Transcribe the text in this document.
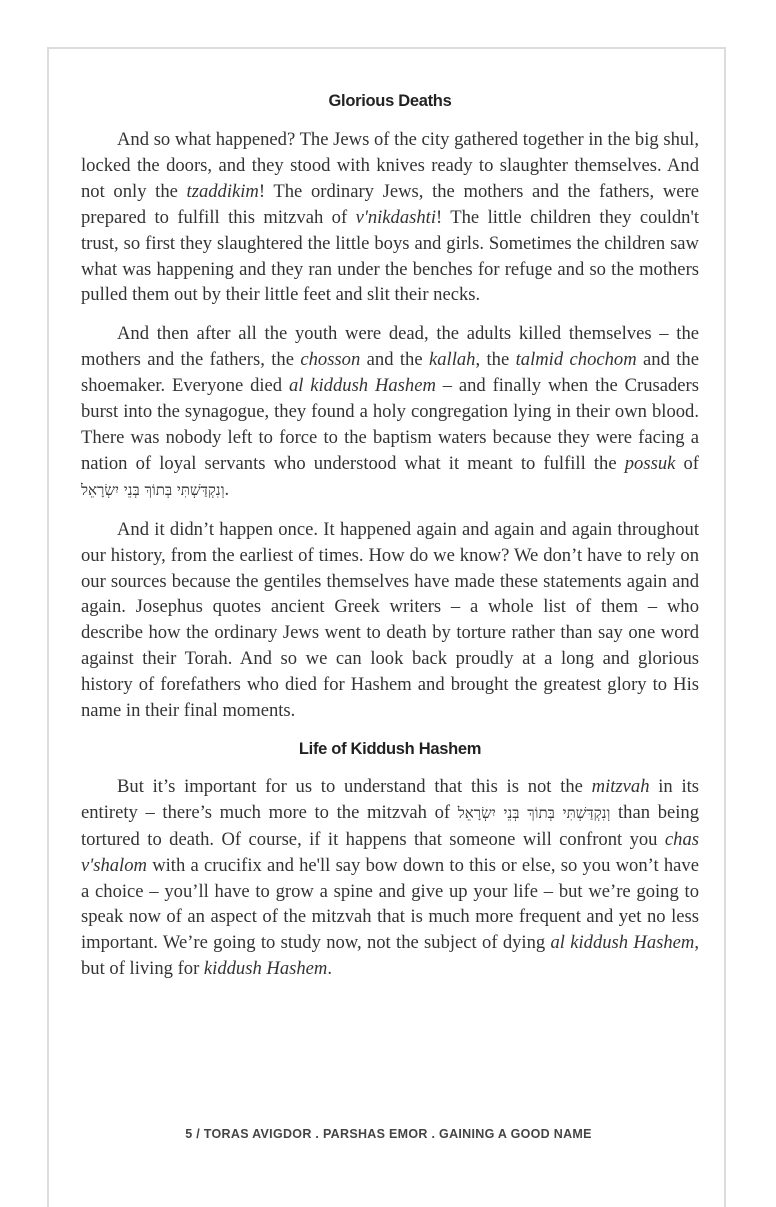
Glorious Deaths

And so what happened? The Jews of the city gathered together in the big shul, locked the doors, and they stood with knives ready to slaughter themselves. And not only the tzaddikim! The ordinary Jews, the mothers and the fathers, were prepared to fulfill this mitzvah of v'nikdashti! The little children they couldn't trust, so first they slaughtered the little boys and girls. Sometimes the children saw what was happening and they ran under the benches for refuge and so the mothers pulled them out by their little feet and slit their necks.

And then after all the youth were dead, the adults killed themselves – the mothers and the fathers, the chosson and the kallah, the talmid chochom and the shoemaker. Everyone died al kiddush Hashem – and finally when the Crusaders burst into the synagogue, they found a holy congregation lying in their own blood. There was nobody left to force to the baptism waters because they were facing a nation of loyal servants who understood what it meant to fulfill the possuk of וְנִקְדַּשְׁתִּי בְּתוֹךְ בְּנֵי יִשְׂרָאֵל.

And it didn’t happen once. It happened again and again and again throughout our history, from the earliest of times. How do we know? We don’t have to rely on our sources because the gentiles themselves have made these statements again and again. Josephus quotes ancient Greek writers – a whole list of them – who describe how the ordinary Jews went to death by torture rather than say one word against their Torah. And so we can look back proudly at a long and glorious history of forefathers who died for Hashem and brought the greatest glory to His name in their final moments.

Life of Kiddush Hashem

But it’s important for us to understand that this is not the mitzvah in its entirety – there’s much more to the mitzvah of וְנִקְדַּשְׁתִּי בְּתוֹךְ בְּנֵי יִשְׂרָאֵל than being tortured to death. Of course, if it happens that someone will confront you chas v'shalom with a crucifix and he'll say bow down to this or else, so you won’t have a choice – you’ll have to grow a spine and give up your life – but we’re going to speak now of an aspect of the mitzvah that is much more frequent and yet no less important. We’re going to study now, not the subject of dying al kiddush Hashem, but of living for kiddush Hashem.

5 / TORAS AVIGDOR . PARSHAS EMOR . GAINING A GOOD NAME
